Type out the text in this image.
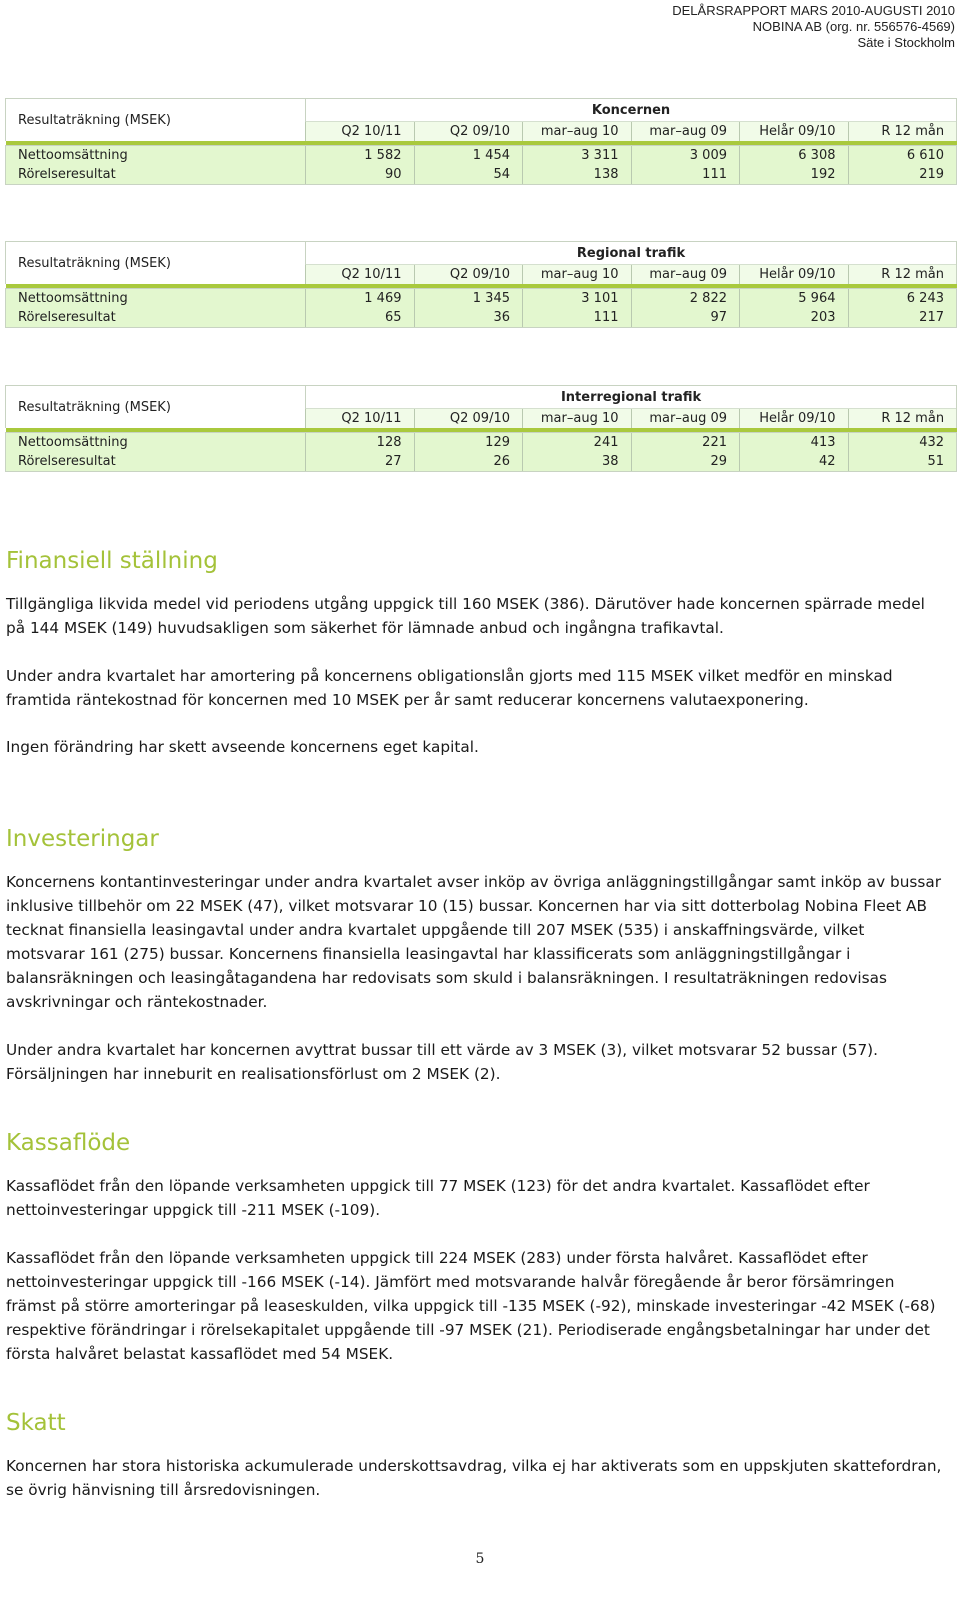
DELÅRSRAPPORT MARS 2010-AUGUSTI 2010
NOBINA AB (org. nr. 556576-4569)
Säte i Stockholm
Resultaträkning (MSEK)	Koncernen					
	Q2 10/11	Q2 09/10	mar–aug 10	mar–aug 09	Helår 09/10	R 12 mån

Nettoomsättning	1 582	1 454	3 311	3 009	6 308	6 610
Rörelseresultat	90	54	138	111	192	219
Resultaträkning (MSEK)	Regional trafik					
	Q2 10/11	Q2 09/10	mar–aug 10	mar–aug 09	Helår 09/10	R 12 mån

Nettoomsättning	1 469	1 345	3 101	2 822	5 964	6 243
Rörelseresultat	65	36	111	97	203	217
Resultaträkning (MSEK)	Interregional trafik					
	Q2 10/11	Q2 09/10	mar–aug 10	mar–aug 09	Helår 09/10	R 12 mån

Nettoomsättning	128	129	241	221	413	432
Rörelseresultat	27	26	38	29	42	51
Finansiell ställning

Tillgängliga likvida medel vid periodens utgång uppgick till 160 MSEK (386). Därutöver hade koncernen spärrade medel på 144 MSEK (149) huvudsakligen som säkerhet för lämnade anbud och ingångna trafikavtal.

Under andra kvartalet har amortering på koncernens obligationslån gjorts med 115 MSEK vilket medför en minskad framtida räntekostnad för koncernen med 10 MSEK per år samt reducerar koncernens valutaexponering.

Ingen förändring har skett avseende koncernens eget kapital.

Investeringar

Koncernens kontantinvesteringar under andra kvartalet avser inköp av övriga anläggningstillgångar samt inköp av bussar inklusive tillbehör om 22 MSEK (47), vilket motsvarar 10 (15) bussar. Koncernen har via sitt dotterbolag Nobina Fleet AB tecknat finansiella leasingavtal under andra kvartalet uppgående till 207 MSEK (535) i anskaffningsvärde, vilket motsvarar 161 (275) bussar. Koncernens finansiella leasingavtal har klassificerats som anläggningstillgångar i balansräkningen och leasingåtagandena har redovisats som skuld i balansräkningen. I resultaträkningen redovisas avskrivningar och räntekostnader.

Under andra kvartalet har koncernen avyttrat bussar till ett värde av 3 MSEK (3), vilket motsvarar 52 bussar (57). Försäljningen har inneburit en realisationsförlust om 2 MSEK (2).

Kassaflöde

Kassaflödet från den löpande verksamheten uppgick till 77 MSEK (123) för det andra kvartalet. Kassaflödet efter nettoinvesteringar uppgick till -211 MSEK (-109).

Kassaflödet från den löpande verksamheten uppgick till 224 MSEK (283) under första halvåret. Kassaflödet efter nettoinvesteringar uppgick till -166 MSEK (-14). Jämfört med motsvarande halvår föregående år beror försämringen främst på större amorteringar på leaseskulden, vilka uppgick till -135 MSEK (-92), minskade investeringar -42 MSEK (-68) respektive förändringar i rörelsekapitalet uppgående till -97 MSEK (21). Periodiserade engångsbetalningar har under det första halvåret belastat kassaflödet med 54 MSEK.

Skatt

Koncernen har stora historiska ackumulerade underskottsavdrag, vilka ej har aktiverats som en uppskjuten skattefordran, se övrig hänvisning till årsredovisningen.

5
